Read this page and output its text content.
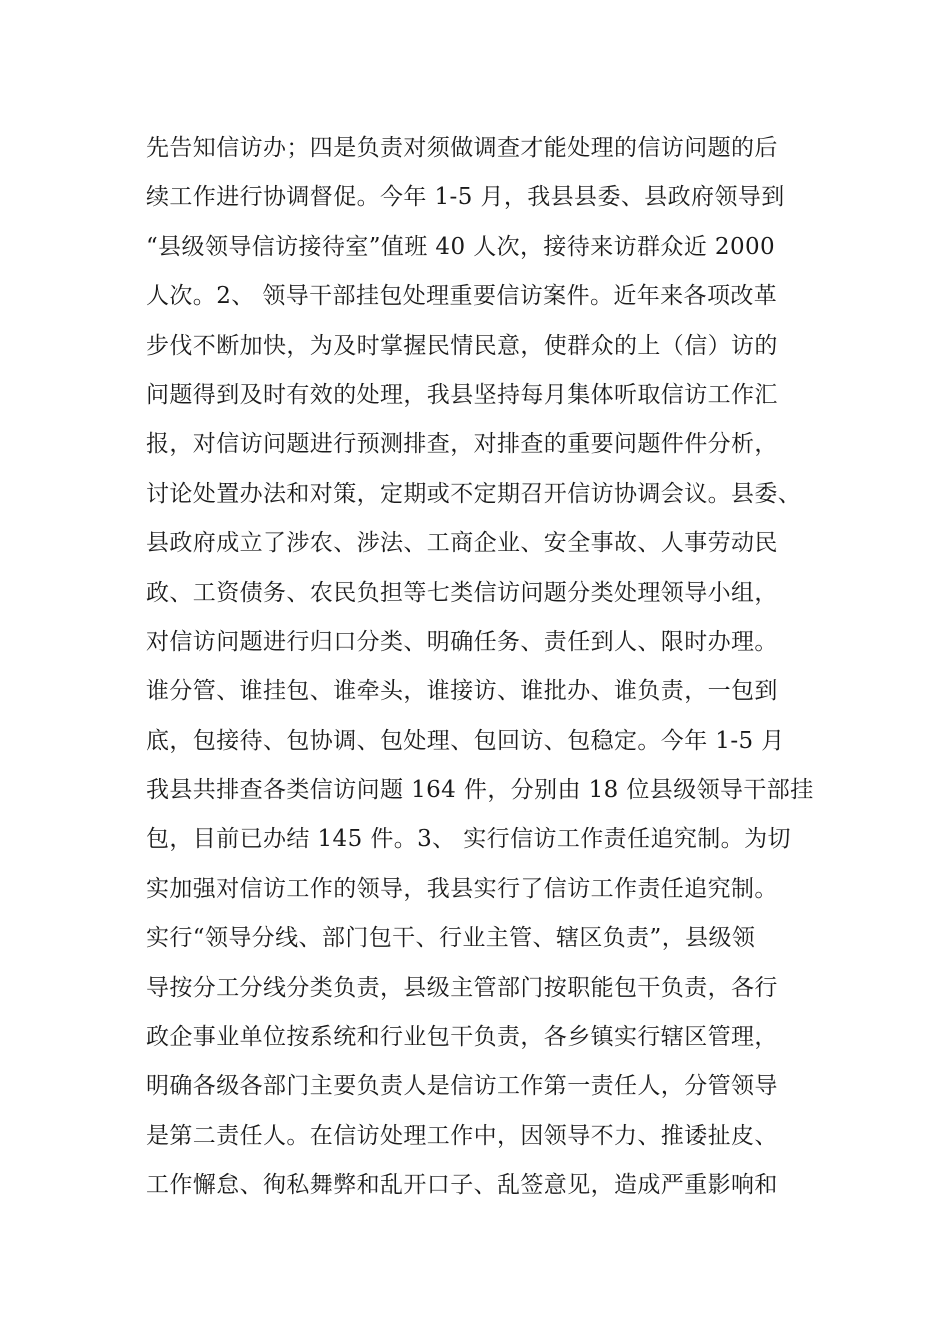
先告知信访办；四是负责对须做调查才能处理的信访问题的后
续工作进行协调督促。今年 1-5 月，我县县委、县政府领导到
“县级领导信访接待室”值班 40 人次，接待来访群众近 2000
人次。2、 领导干部挂包处理重要信访案件。近年来各项改革
步伐不断加快，为及时掌握民情民意，使群众的上（信）访的
问题得到及时有效的处理，我县坚持每月集体听取信访工作汇
报，对信访问题进行预测排查，对排查的重要问题件件分析，
讨论处置办法和对策，定期或不定期召开信访协调会议。县委、
县政府成立了涉农、涉法、工商企业、安全事故、人事劳动民
政、工资债务、农民负担等七类信访问题分类处理领导小组，
对信访问题进行归口分类、明确任务、责任到人、限时办理。
谁分管、谁挂包、谁牵头，谁接访、谁批办、谁负责，一包到
底，包接待、包协调、包处理、包回访、包稳定。今年 1-5 月
我县共排查各类信访问题 164 件，分别由 18 位县级领导干部挂
包，目前已办结 145 件。3、 实行信访工作责任追究制。为切
实加强对信访工作的领导，我县实行了信访工作责任追究制。
实行“领导分线、部门包干、行业主管、辖区负责”，县级领
导按分工分线分类负责，县级主管部门按职能包干负责，各行
政企事业单位按系统和行业包干负责，各乡镇实行辖区管理，
明确各级各部门主要负责人是信访工作第一责任人，分管领导
是第二责任人。在信访处理工作中，因领导不力、推诿扯皮、
工作懈怠、徇私舞弊和乱开口子、乱签意见，造成严重影响和
